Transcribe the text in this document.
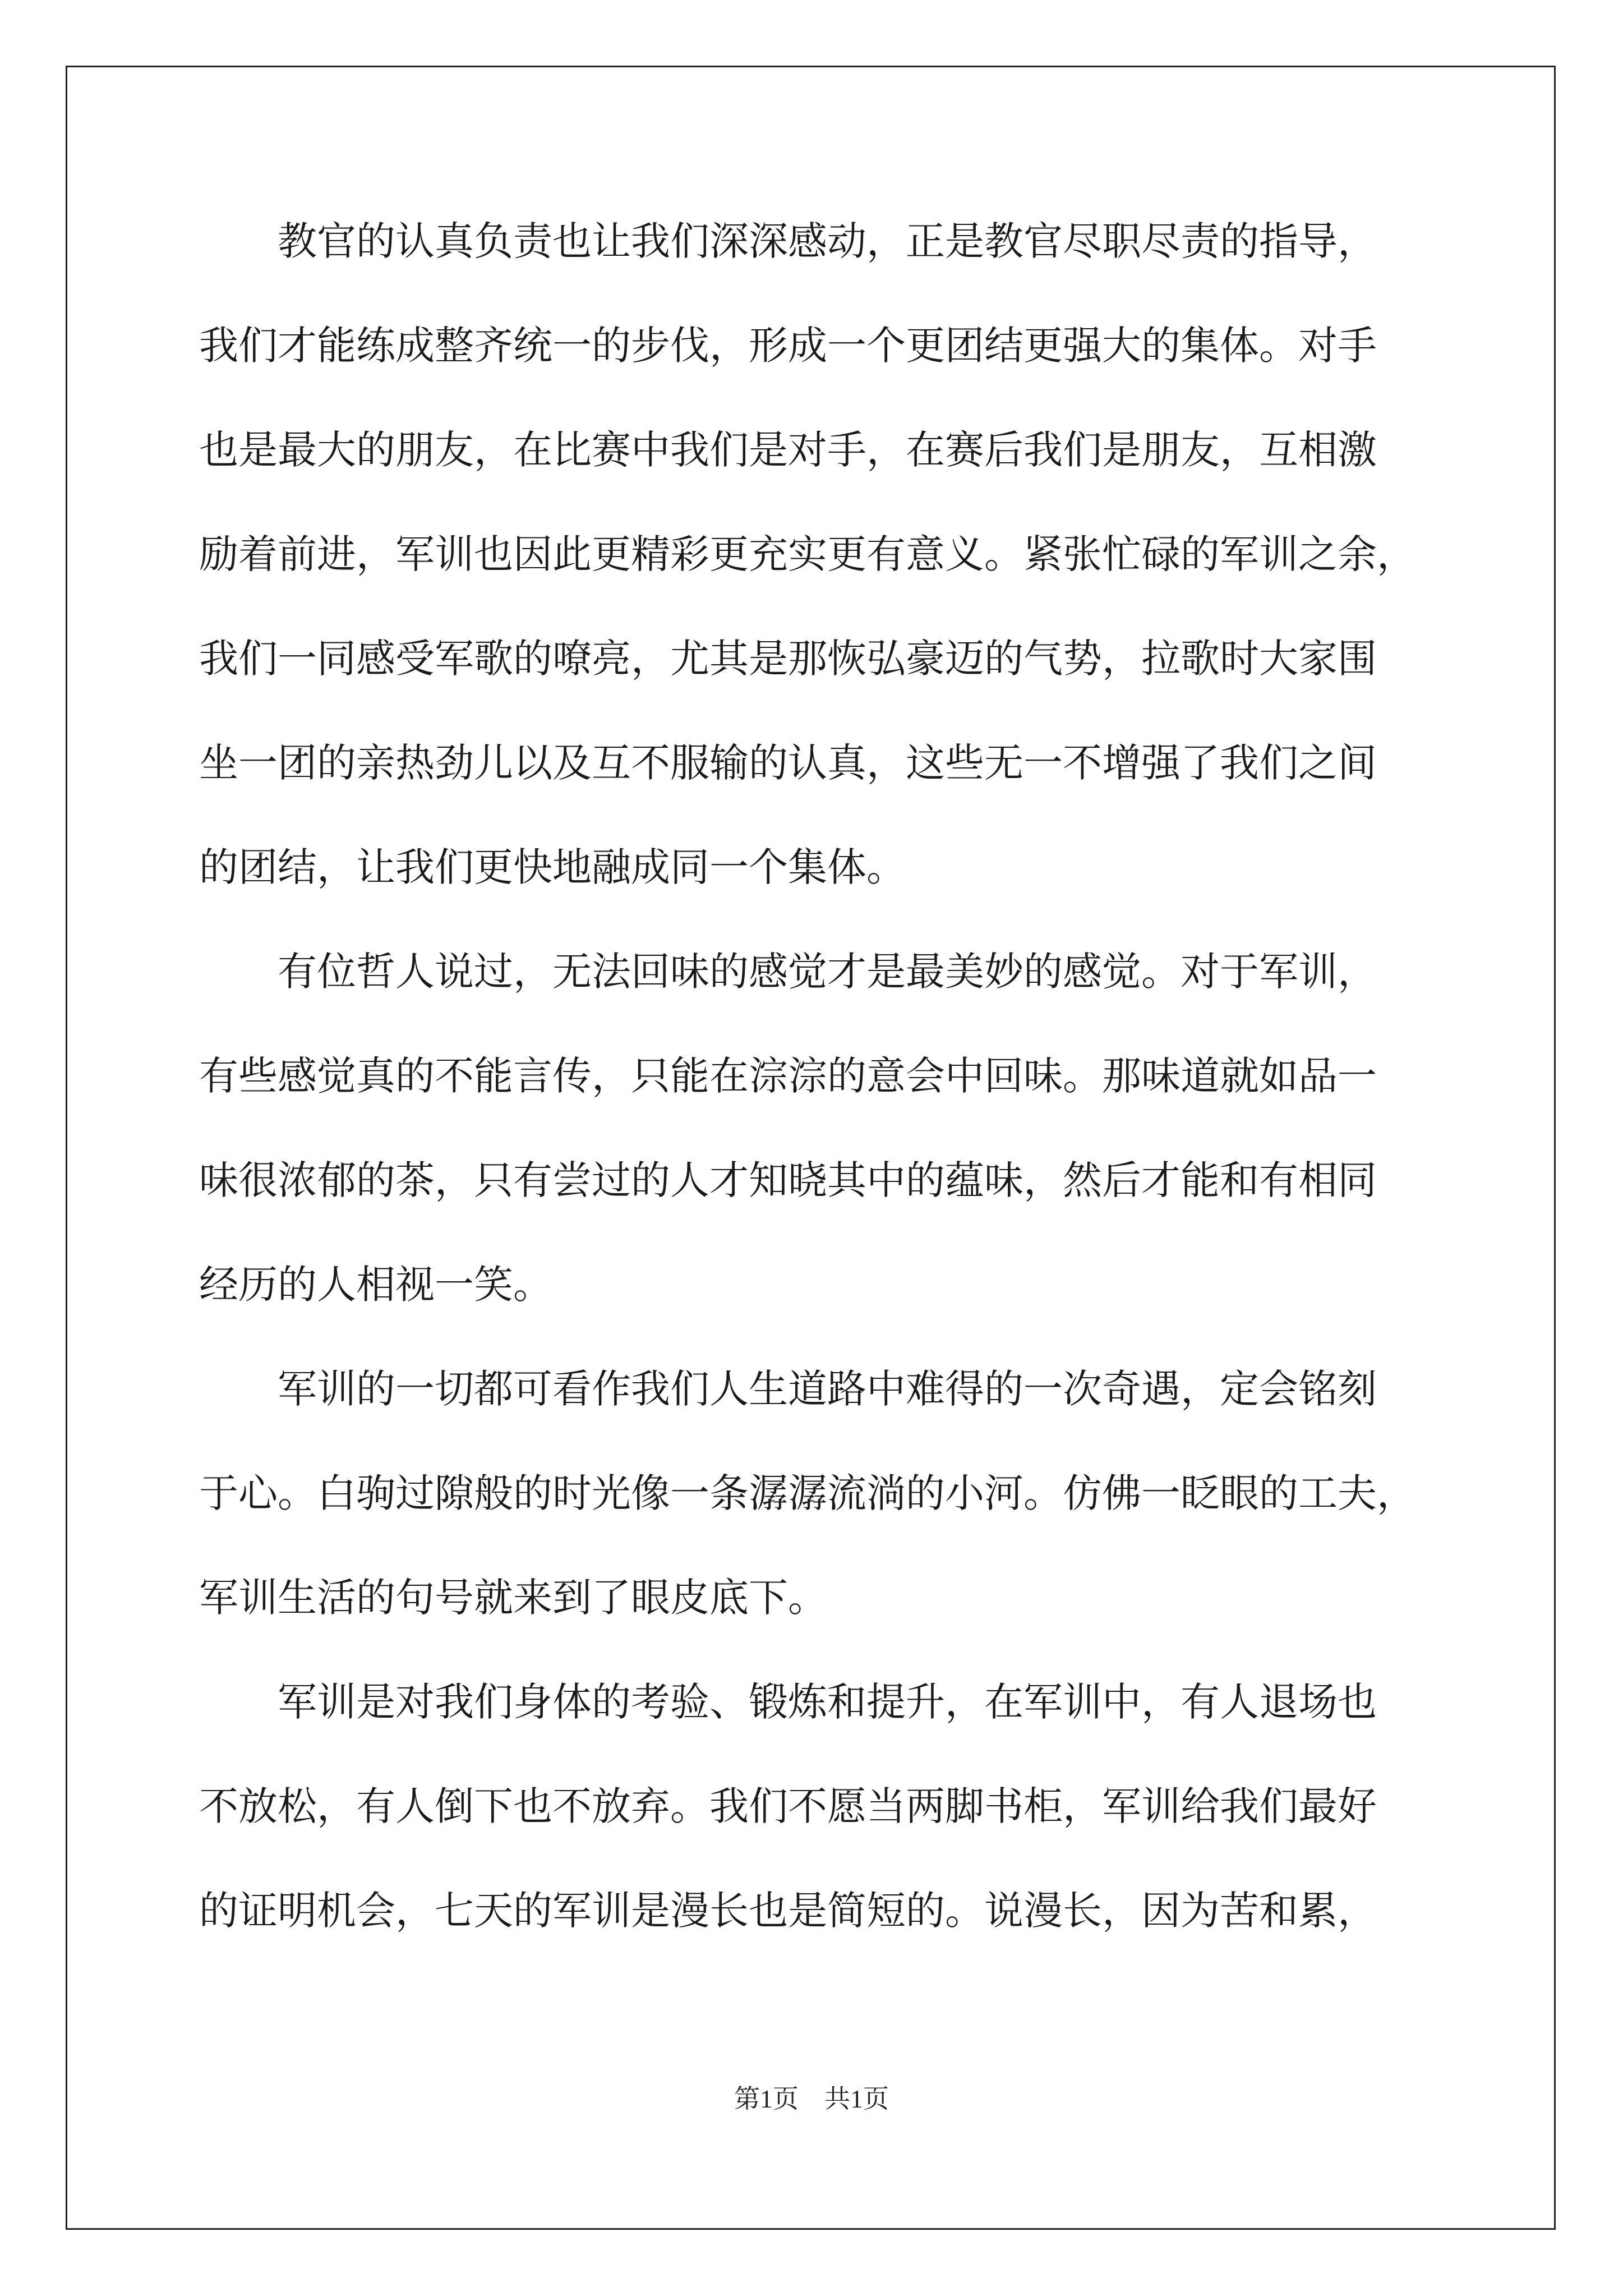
　　教官的认真负责也让我们深深感动，正是教官尽职尽责的指导，
我们才能练成整齐统一的步伐，形成一个更团结更强大的集体。对手
也是最大的朋友，在比赛中我们是对手，在赛后我们是朋友，互相激
励着前进，军训也因此更精彩更充实更有意义。紧张忙碌的军训之余，
我们一同感受军歌的嘹亮，尤其是那恢弘豪迈的气势，拉歌时大家围
坐一团的亲热劲儿以及互不服输的认真，这些无一不增强了我们之间
的团结，让我们更快地融成同一个集体。
　　有位哲人说过，无法回味的感觉才是最美妙的感觉。对于军训，
有些感觉真的不能言传，只能在淙淙的意会中回味。那味道就如品一
味很浓郁的茶，只有尝过的人才知晓其中的蕴味，然后才能和有相同
经历的人相视一笑。
　　军训的一切都可看作我们人生道路中难得的一次奇遇，定会铭刻
于心。白驹过隙般的时光像一条潺潺流淌的小河。仿佛一眨眼的工夫，
军训生活的句号就来到了眼皮底下。
　　军训是对我们身体的考验、锻炼和提升，在军训中，有人退场也
不放松，有人倒下也不放弃。我们不愿当两脚书柜，军训给我们最好
的证明机会，七天的军训是漫长也是简短的。说漫长，因为苦和累，
第1页　共1页
